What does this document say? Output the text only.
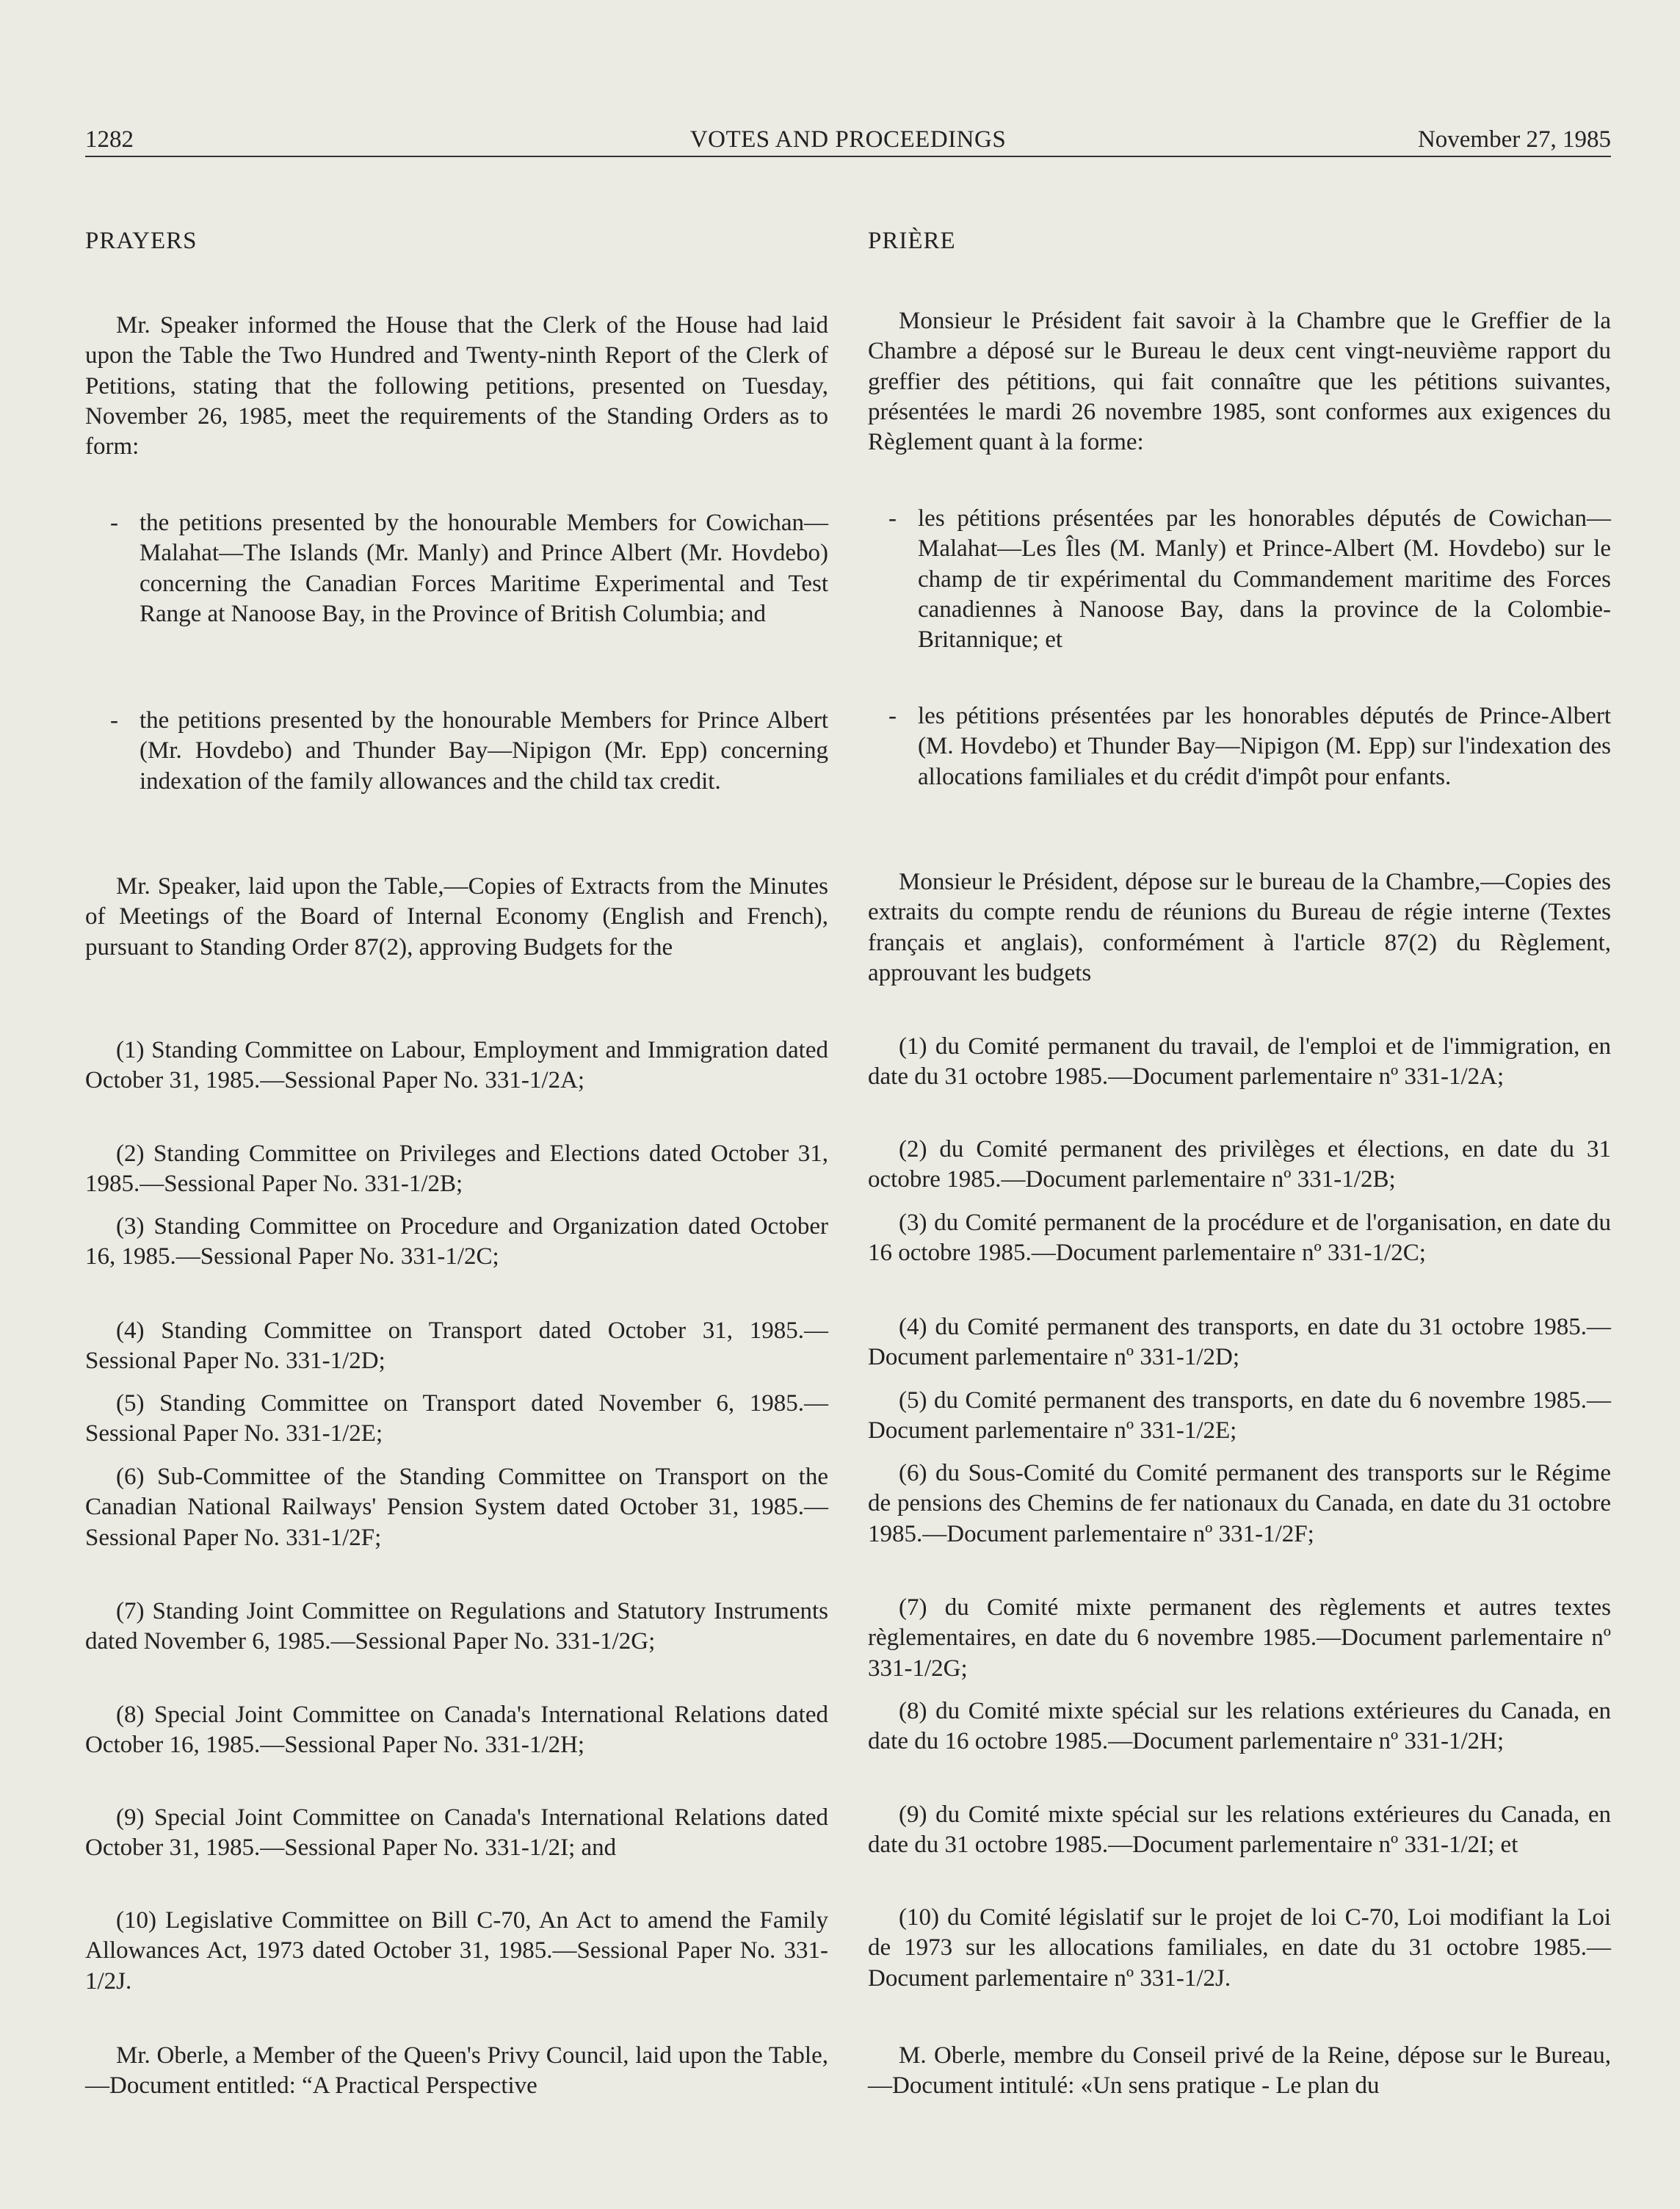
VOTES AND PROCEEDINGS
1282	November 27, 1985
PRAYERS

Mr. Speaker informed the House that the Clerk of the House had laid upon the Table the Two Hundred and Twenty-ninth Report of the Clerk of Petitions, stating that the following petitions, presented on Tuesday, November 26, 1985, meet the requirements of the Standing Orders as to form:

- the petitions presented by the honourable Members for Cowichan—Malahat—The Islands (Mr. Manly) and Prince Albert (Mr. Hovdebo) concerning the Canadian Forces Maritime Experimental and Test Range at Nanoose Bay, in the Province of British Columbia; and

- the petitions presented by the honourable Members for Prince Albert (Mr. Hovdebo) and Thunder Bay—Nipigon (Mr. Epp) concerning indexation of the family allowances and the child tax credit.

Mr. Speaker, laid upon the Table,—Copies of Extracts from the Minutes of Meetings of the Board of Internal Economy (English and French), pursuant to Standing Order 87(2), approving Budgets for the

(1) Standing Committee on Labour, Employment and Immigration dated October 31, 1985.—Sessional Paper No. 331-1/2A;

(2) Standing Committee on Privileges and Elections dated October 31, 1985.—Sessional Paper No. 331-1/2B;

(3) Standing Committee on Procedure and Organization dated October 16, 1985.—Sessional Paper No. 331-1/2C;

(4) Standing Committee on Transport dated October 31, 1985.—Sessional Paper No. 331-1/2D;

(5) Standing Committee on Transport dated November 6, 1985.—Sessional Paper No. 331-1/2E;

(6) Sub-Committee of the Standing Committee on Transport on the Canadian National Railways' Pension System dated October 31, 1985.—Sessional Paper No. 331-1/2F;

(7) Standing Joint Committee on Regulations and Statutory Instruments dated November 6, 1985.—Sessional Paper No. 331-1/2G;

(8) Special Joint Committee on Canada's International Relations dated October 16, 1985.—Sessional Paper No. 331-1/2H;

(9) Special Joint Committee on Canada's International Relations dated October 31, 1985.—Sessional Paper No. 331-1/2I; and

(10) Legislative Committee on Bill C-70, An Act to amend the Family Allowances Act, 1973 dated October 31, 1985.—Sessional Paper No. 331-1/2J.

Mr. Oberle, a Member of the Queen's Privy Council, laid upon the Table,—Document entitled: “A Practical Perspective

PRIÈRE

Monsieur le Président fait savoir à la Chambre que le Greffier de la Chambre a déposé sur le Bureau le deux cent vingt-neuvième rapport du greffier des pétitions, qui fait connaître que les pétitions suivantes, présentées le mardi 26 novembre 1985, sont conformes aux exigences du Règlement quant à la forme:

- les pétitions présentées par les honorables députés de Cowichan—Malahat—Les Îles (M. Manly) et Prince-Albert (M. Hovdebo) sur le champ de tir expérimental du Commandement maritime des Forces canadiennes à Nanoose Bay, dans la province de la Colombie-Britannique; et

- les pétitions présentées par les honorables députés de Prince-Albert (M. Hovdebo) et Thunder Bay—Nipigon (M. Epp) sur l'indexation des allocations familiales et du crédit d'impôt pour enfants.

Monsieur le Président, dépose sur le bureau de la Chambre,—Copies des extraits du compte rendu de réunions du Bureau de régie interne (Textes français et anglais), conformément à l'article 87(2) du Règlement, approuvant les budgets

(1) du Comité permanent du travail, de l'emploi et de l'immigration, en date du 31 octobre 1985.—Document parlementaire nº 331-1/2A;

(2) du Comité permanent des privilèges et élections, en date du 31 octobre 1985.—Document parlementaire nº 331-1/2B;

(3) du Comité permanent de la procédure et de l'organisation, en date du 16 octobre 1985.—Document parlementaire nº 331-1/2C;

(4) du Comité permanent des transports, en date du 31 octobre 1985.—Document parlementaire nº 331-1/2D;

(5) du Comité permanent des transports, en date du 6 novembre 1985.—Document parlementaire nº 331-1/2E;

(6) du Sous-Comité du Comité permanent des transports sur le Régime de pensions des Chemins de fer nationaux du Canada, en date du 31 octobre 1985.—Document parlementaire nº 331-1/2F;

(7) du Comité mixte permanent des règlements et autres textes règlementaires, en date du 6 novembre 1985.—Document parlementaire nº 331-1/2G;

(8) du Comité mixte spécial sur les relations extérieures du Canada, en date du 16 octobre 1985.—Document parlementaire nº 331-1/2H;

(9) du Comité mixte spécial sur les relations extérieures du Canada, en date du 31 octobre 1985.—Document parlementaire nº 331-1/2I; et

(10) du Comité législatif sur le projet de loi C-70, Loi modifiant la Loi de 1973 sur les allocations familiales, en date du 31 octobre 1985.—Document parlementaire nº 331-1/2J.

M. Oberle, membre du Conseil privé de la Reine, dépose sur le Bureau,—Document intitulé: «Un sens pratique - Le plan du
